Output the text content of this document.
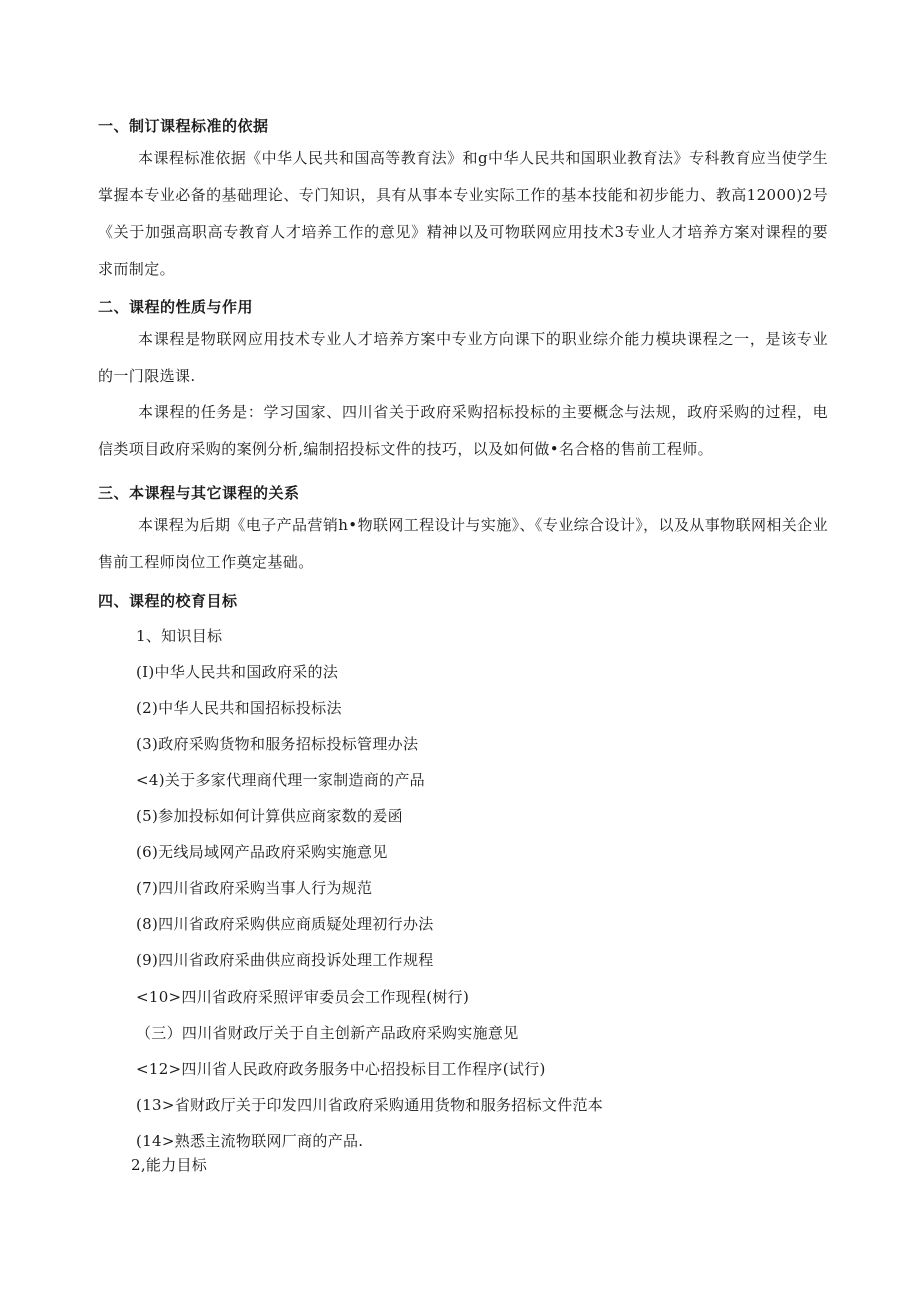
一、制订课程标准的依据

本课程标准依据《中华人民共和国高等教育法》和g中华人民共和国职业教育法》专科教育应当使学生掌握本专业必备的基础理论、专门知识，具有从事本专业实际工作的基本技能和初步能力、教高12000)2号《关于加强高职高专教育人才培养工作的意见》精神以及可物联网应用技术3专业人才培养方案对课程的要求而制定。

二、课程的性质与作用

本课程是物联网应用技术专业人才培养方案中专业方向课下的职业综介能力模块课程之一，是该专业的一门限选课.

本课程的任务是：学习国家、四川省关于政府采购招标投标的主要概念与法规，政府采购的过程，电信类项目政府采购的案例分析,编制招投标文件的技巧，以及如何做•名合格的售前工程师。

三、本课程与其它课程的关系

本课程为后期《电子产品营销h•物联网工程设计与实施》、《专业综合设计》，以及从事物联网相关企业售前工程师岗位工作奠定基础。

四、课程的校育目标
1、知识目标
(I)中华人民共和国政府采的法
(2)中华人民共和国招标投标法
(3)政府采购货物和服务招标投标管理办法
<4)关于多家代理商代理一家制造商的产品
(5)参加投标如何计算供应商家数的爰函
(6)无线局域网产品政府采购实施意见
(7)四川省政府采购当事人行为规范
(8)四川省政府采购供应商质疑处理初行办法
(9)四川省政府采曲供应商投诉处理工作规程
<10>四川省政府采照评审委员会工作现程(树行)
（三）四川省财政厅关于自主创新产品政府采购实施意见
<12>四川省人民政府政务服务中心招投标目工作程序(试行)
(13>省财政厅关于印发四川省政府采购通用货物和服务招标文件范本
(14>熟悉主流物联网厂商的产品.
2,能力目标
